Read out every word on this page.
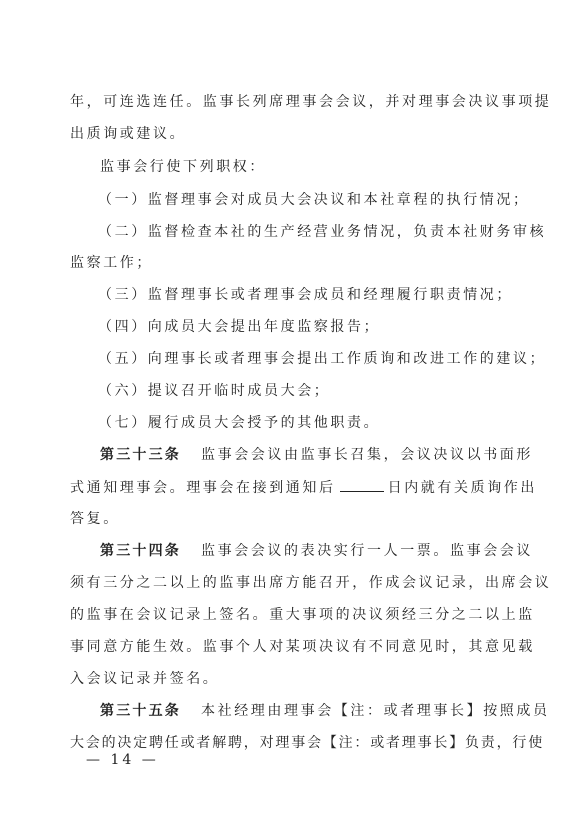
年，可连选连任。监事长列席理事会会议，并对理事会决议事项提
出质询或建议。
监事会行使下列职权：
（一）监督理事会对成员大会决议和本社章程的执行情况；
（二）监督检查本社的生产经营业务情况，负责本社财务审核
监察工作；
（三）监督理事长或者理事会成员和经理履行职责情况；
（四）向成员大会提出年度监察报告；
（五）向理事长或者理事会提出工作质询和改进工作的建议；
（六）提议召开临时成员大会；
（七）履行成员大会授予的其他职责。
第三十三条 监事会会议由监事长召集，会议决议以书面形
式通知理事会。理事会在接到通知后	日内就有关质询作出
答复。
第三十四条 监事会会议的表决实行一人一票。监事会会议
须有三分之二以上的监事出席方能召开，作成会议记录，出席会议
的监事在会议记录上签名。重大事项的决议须经三分之二以上监
事同意方能生效。监事个人对某项决议有不同意见时，其意见载
入会议记录并签名。
第三十五条 本社经理由理事会【注：或者理事长】按照成员
大会的决定聘任或者解聘，对理事会【注：或者理事长】负责，行使
— 14 —
